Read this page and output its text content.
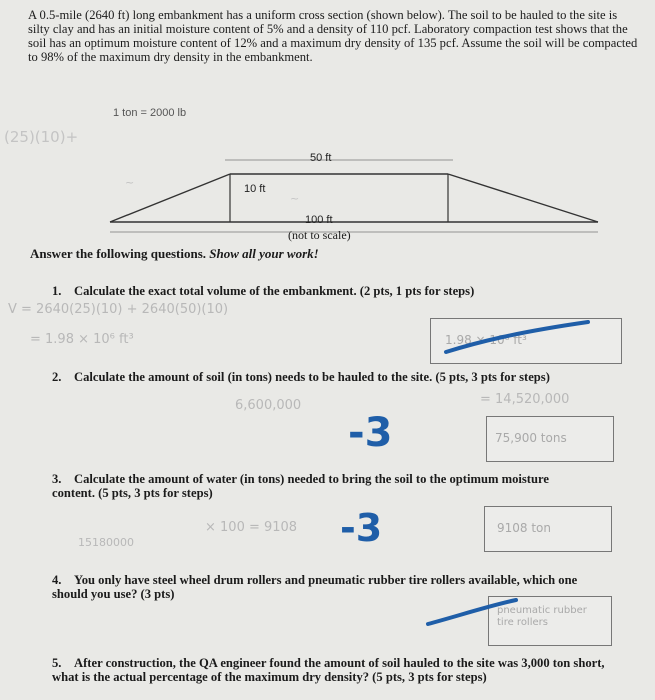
A 0.5-mile (2640 ft) long embankment has a uniform cross section (shown below). The soil to be hauled to the site is silty clay and has an initial moisture content of 5% and a density of 110 pcf. Laboratory compaction test shows that the soil has an optimum moisture content of 12% and a maximum dry density of 135 pcf. Assume the soil will be compacted to 98% of the maximum dry density in the embankment.
1 ton = 2000 lb
(25)(10)+
~
~
50 ft
10 ft
100 ft
(not to scale)
Answer the following questions. Show all your work!
1. Calculate the exact total volume of the embankment. (2 pts, 1 pts for steps)
V = 2640(25)(10) + 2640(50)(10)
= 1.98 × 10⁶ ft³	1.98 × 10⁶ ft³
2. Calculate the amount of soil (in tons) needs to be hauled to the site. (5 pts, 3 pts for steps)
6,600,000	= 14,520,000
75,900 tons
-3
3. Calculate the amount of water (in tons) needed to bring the soil to the optimum moisture content. (5 pts, 3 pts for steps)
× 100 = 9108
15180000	-3	9108 ton
4. You only have steel wheel drum rollers and pneumatic rubber tire rollers available, which one should you use? (3 pts)
pneumatic rubber tire rollers
5. After construction, the QA engineer found the amount of soil hauled to the site was 3,000 ton short, what is the actual percentage of the maximum dry density? (5 pts, 3 pts for steps)
